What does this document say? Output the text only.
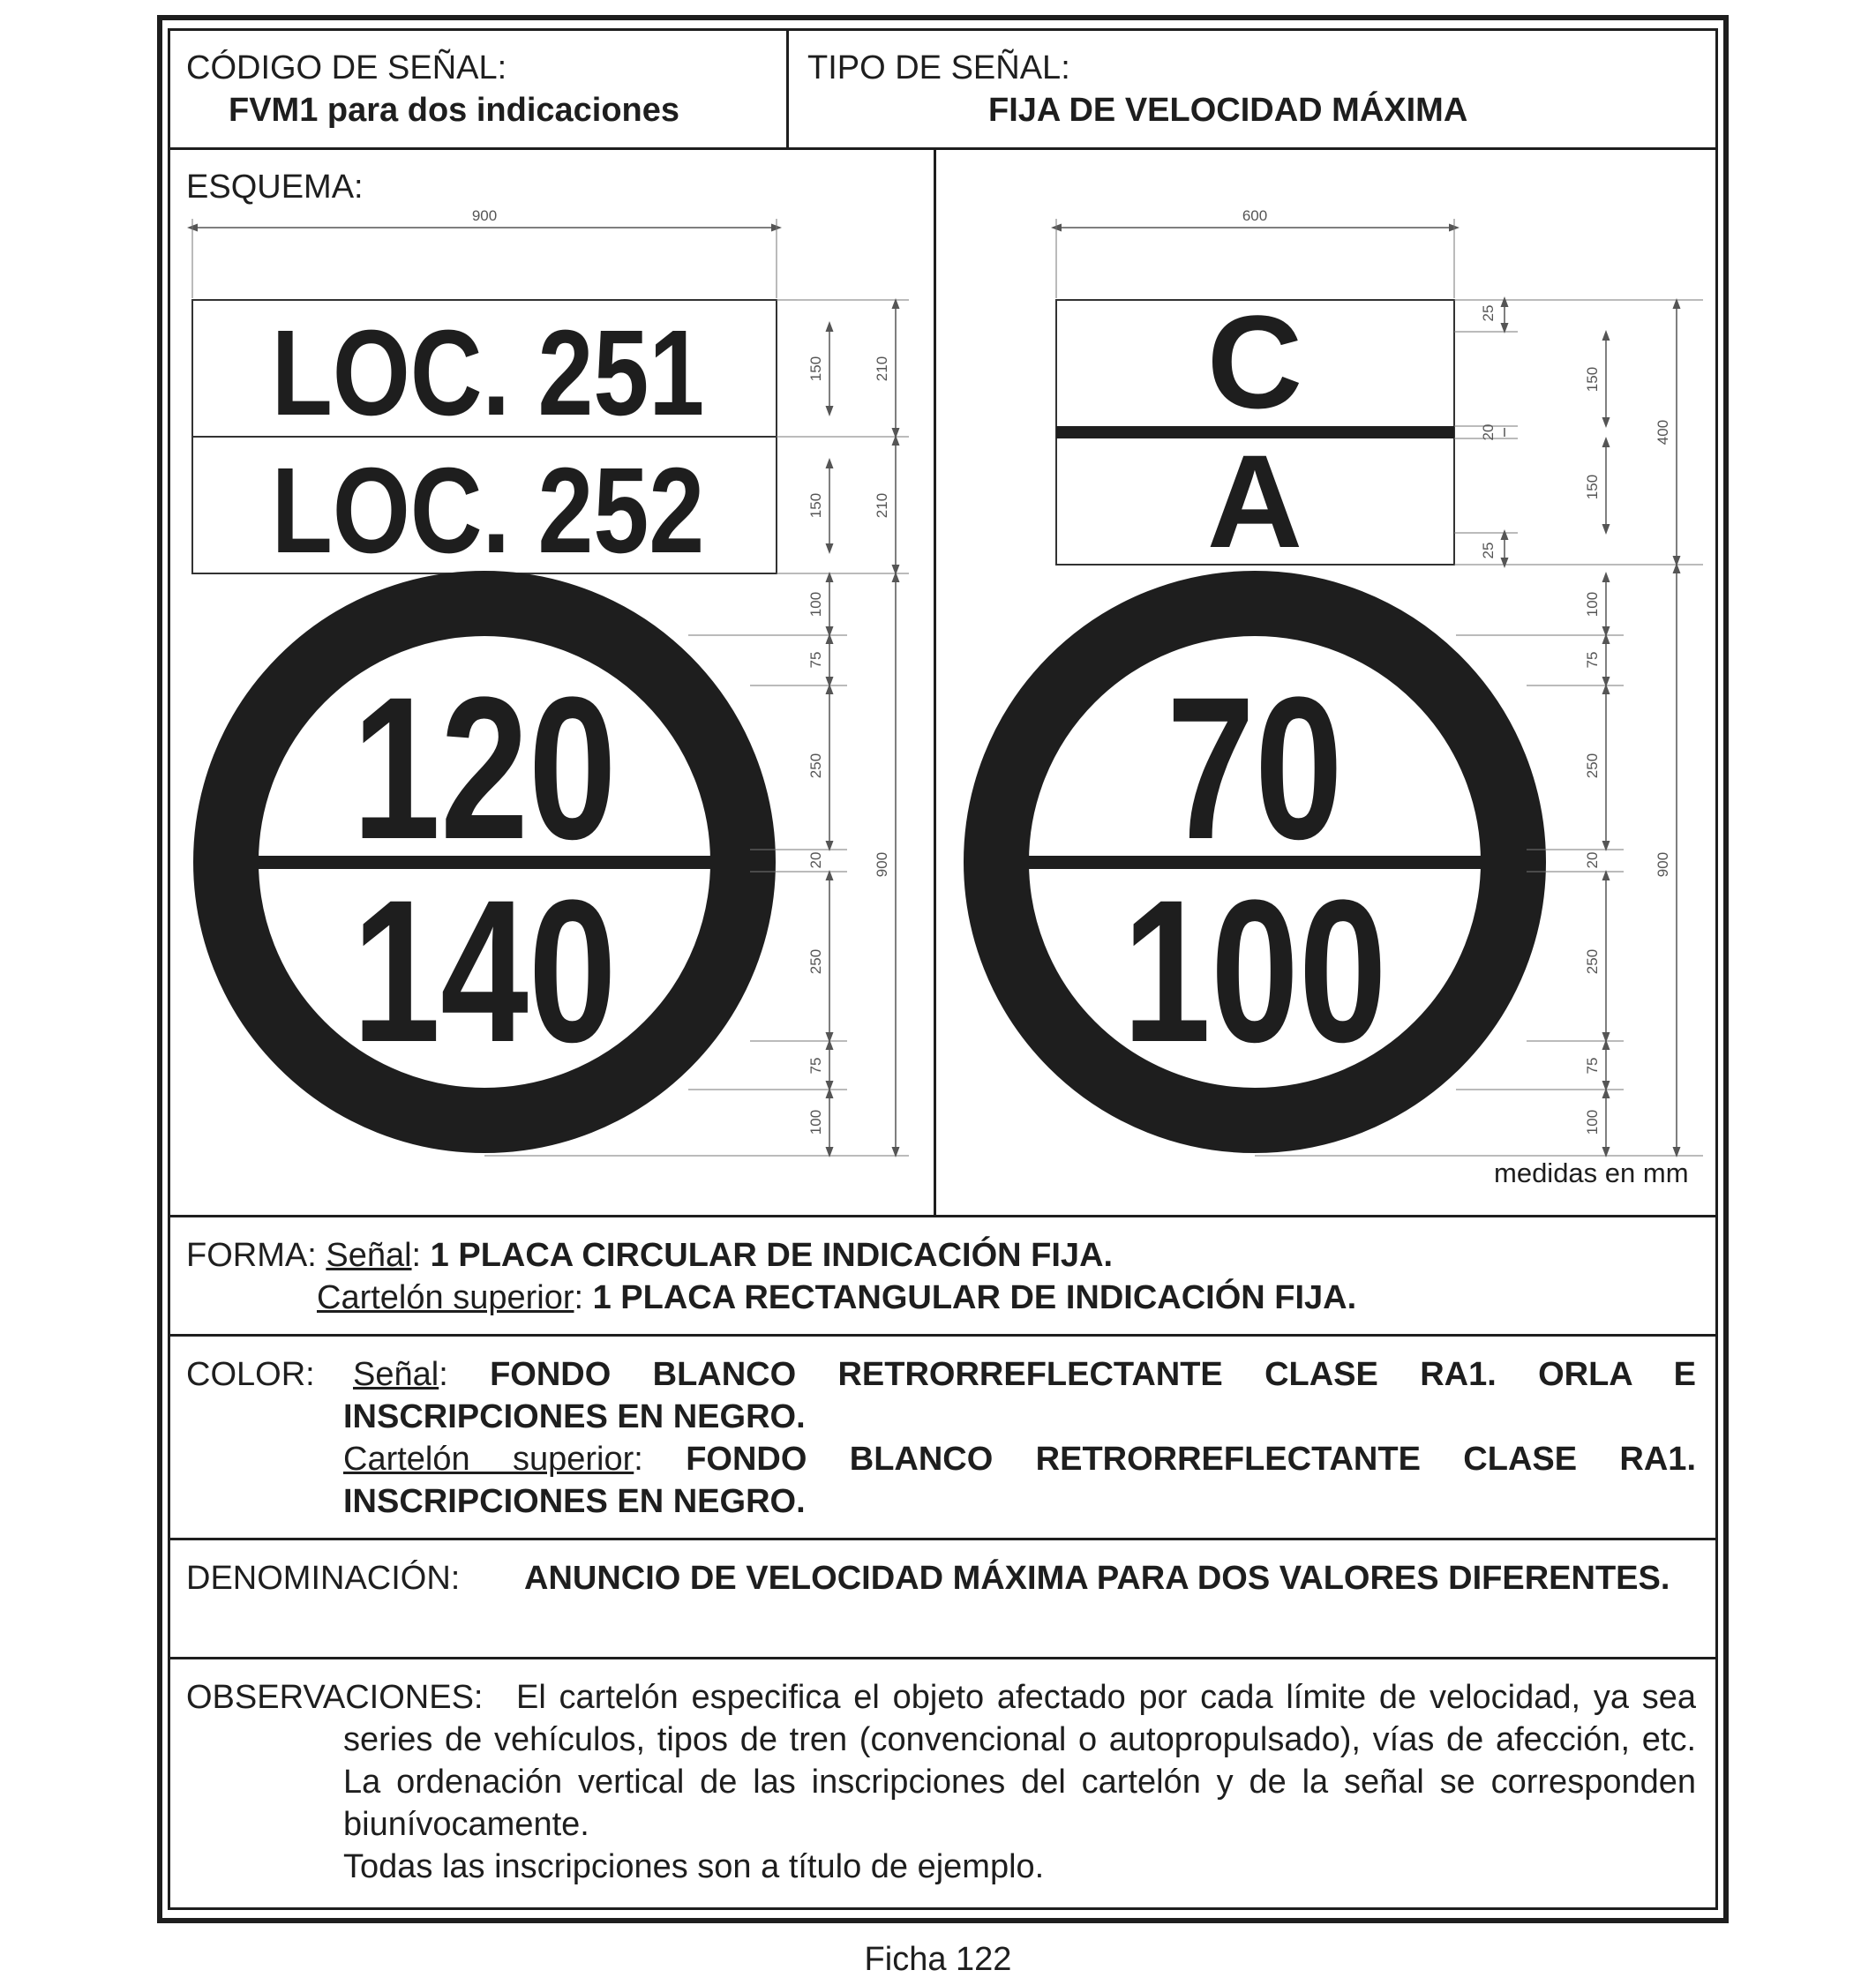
CÓDIGO DE SEÑAL:
FVM1 para dos indicaciones
TIPO DE SEÑAL:
FIJA DE VELOCIDAD MÁXIMA
ESQUEMA:
900
LOC. 251
LOC. 252
120
140
150
150
100
75
250
20
250
75
100
210
210
900
600
C
A
70
100
25
150
20
150
25
400
100
75
250
20
250
75
100
900
medidas en mm
FORMA: Señal: 1 PLACA CIRCULAR DE INDICACIÓN FIJA.
Cartelón superior: 1 PLACA RECTANGULAR DE INDICACIÓN FIJA.
COLOR: Señal: FONDO BLANCO RETRORREFLECTANTE CLASE RA1. ORLA E INSCRIPCIONES EN NEGRO.
Cartelón superior: FONDO BLANCO RETRORREFLECTANTE CLASE RA1. INSCRIPCIONES EN NEGRO.
DENOMINACIÓN:	ANUNCIO DE VELOCIDAD MÁXIMA PARA DOS VALORES DIFERENTES.
OBSERVACIONES: El cartelón especifica el objeto afectado por cada límite de velocidad, ya sea series de vehículos, tipos de tren (convencional o autopropulsado), vías de afección, etc. La ordenación vertical de las inscripciones del cartelón y de la señal se corresponden biunívocamente.
Todas las inscripciones son a título de ejemplo.
Ficha 122
